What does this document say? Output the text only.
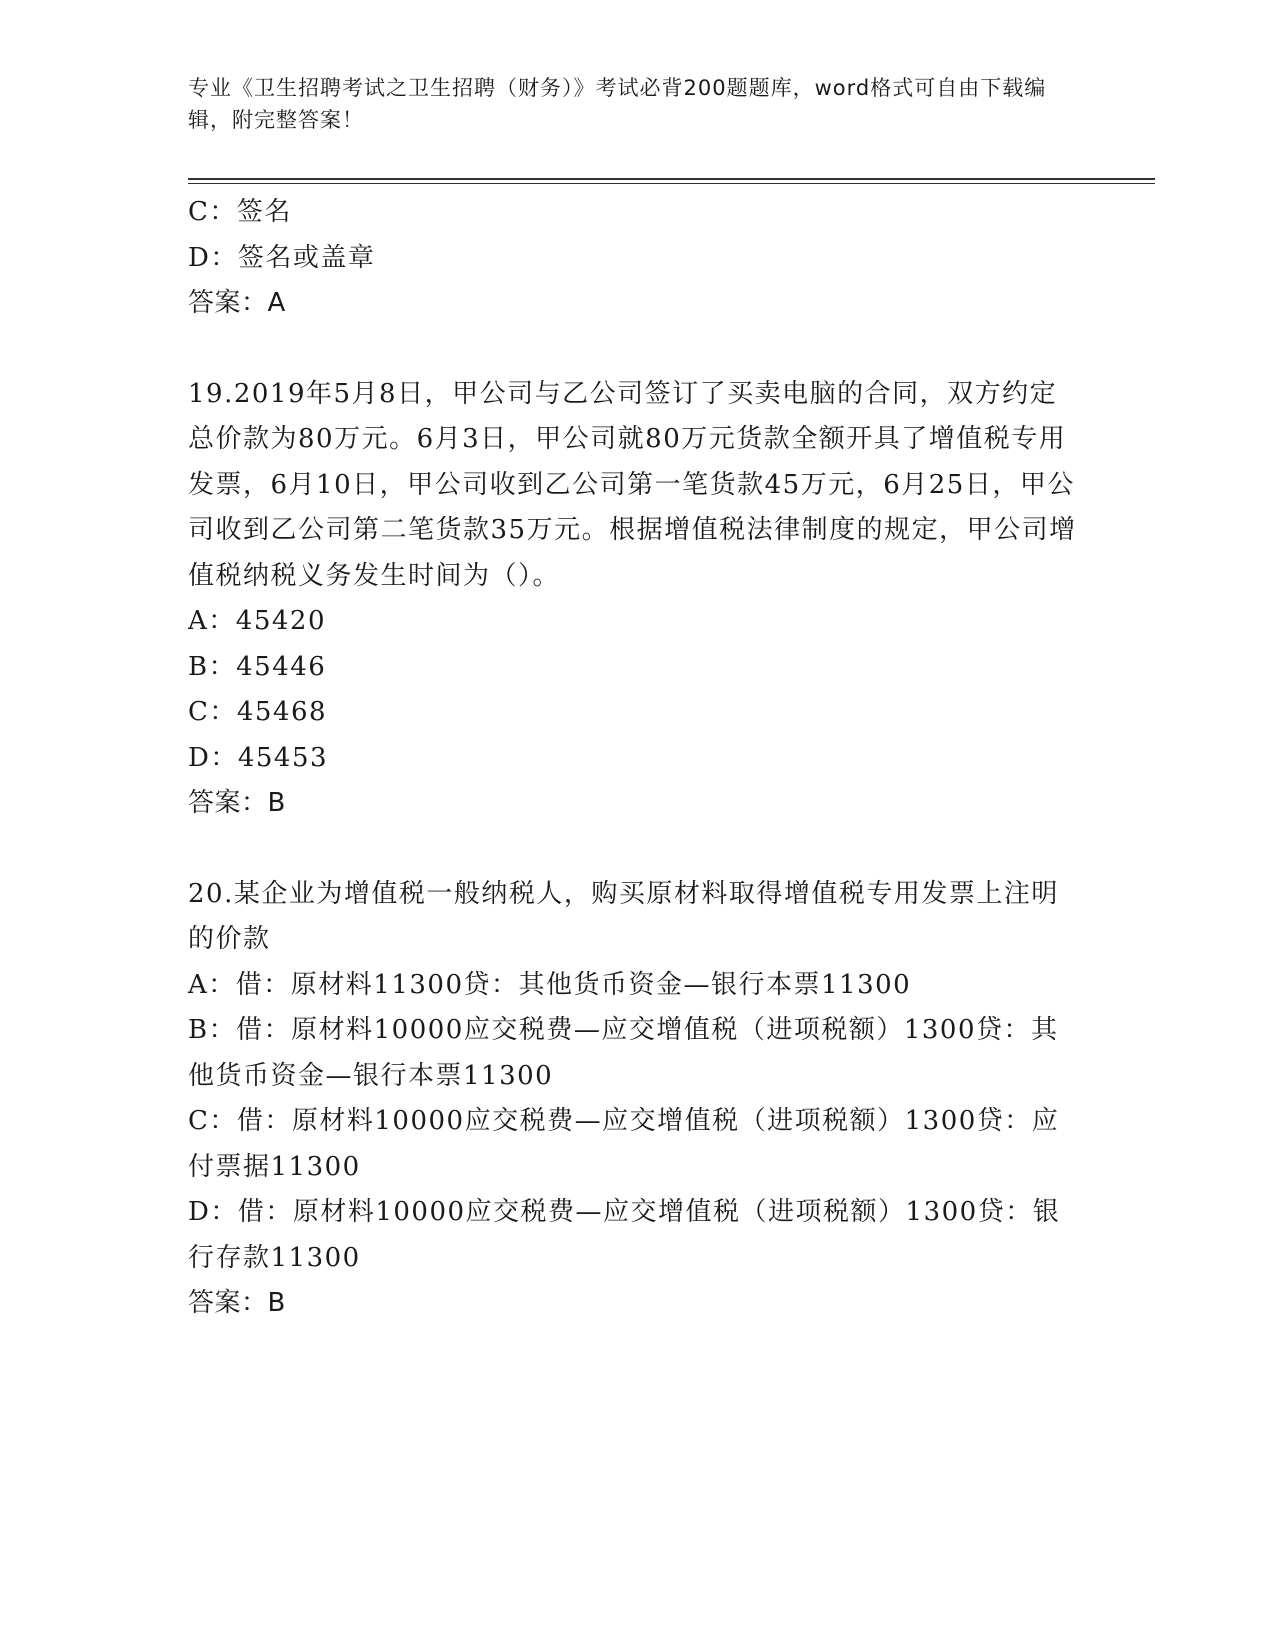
专业《卫生招聘考试之卫生招聘（财务）》考试必背200题题库，word格式可自由下载编辑，附完整答案！

C：签名

D：签名或盖章

答案：A

19.2019年5月8日，甲公司与乙公司签订了买卖电脑的合同，双方约定总价款为80万元。6月3日，甲公司就80万元货款全额开具了增值税专用发票，6月10日，甲公司收到乙公司第一笔货款45万元，6月25日，甲公司收到乙公司第二笔货款35万元。根据增值税法律制度的规定，甲公司增值税纳税义务发生时间为（）。

A：45420

B：45446

C：45468

D：45453

答案：B

20.某企业为增值税一般纳税人，购买原材料取得增值税专用发票上注明的价款

A：借：原材料11300贷：其他货币资金—银行本票11300

B：借：原材料10000应交税费—应交增值税（进项税额）1300贷：其他货币资金—银行本票11300

C：借：原材料10000应交税费—应交增值税（进项税额）1300贷：应付票据11300

D：借：原材料10000应交税费—应交增值税（进项税额）1300贷：银行存款11300

答案：B
